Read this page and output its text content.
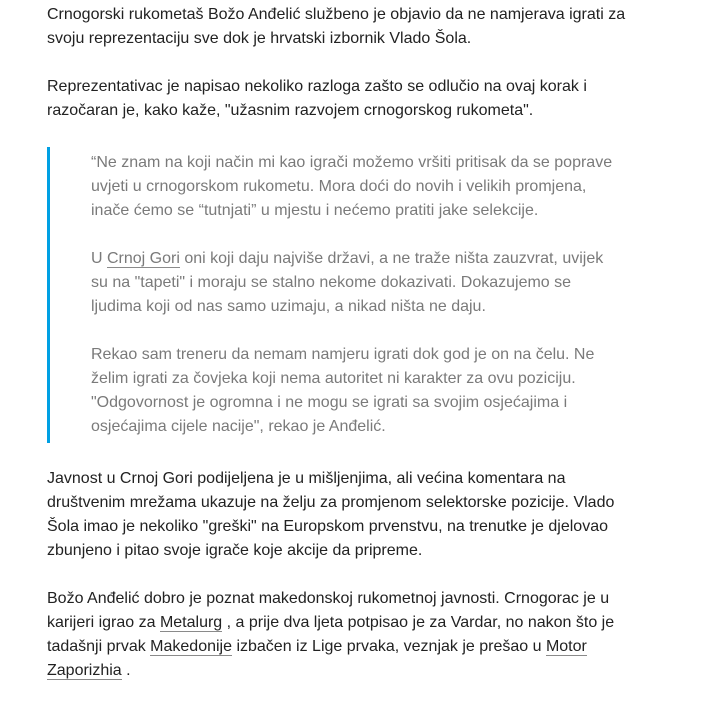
Crnogorski rukometaš Božo Anđelić službeno je objavio da ne namjerava igrati za svoju reprezentaciju sve dok je hrvatski izbornik Vlado Šola.

Reprezentativac je napisao nekoliko razloga zašto se odlučio na ovaj korak i razočaran je, kako kaže, "užasnim razvojem crnogorskog rukometa".

“Ne znam na koji način mi kao igrači možemo vršiti pritisak da se poprave uvjeti u crnogorskom rukometu. Mora doći do novih i velikih promjena, inače ćemo se “tutnjati” u mjestu i nećemo pratiti jake selekcije.

U Crnoj Gori oni koji daju najviše državi, a ne traže ništa zauzvrat, uvijek su na "tapeti" i moraju se stalno nekome dokazivati. Dokazujemo se ljudima koji od nas samo uzimaju, a nikad ništa ne daju.

Rekao sam treneru da nemam namjeru igrati dok god je on na čelu. Ne želim igrati za čovjeka koji nema autoritet ni karakter za ovu poziciju. "Odgovornost je ogromna i ne mogu se igrati sa svojim osjećajima i osjećajima cijele nacije", rekao je Anđelić.

Javnost u Crnoj Gori podijeljena je u mišljenjima, ali većina komentara na društvenim mrežama ukazuje na želju za promjenom selektorske pozicije. Vlado Šola imao je nekoliko "greški" na Europskom prvenstvu, na trenutke je djelovao zbunjeno i pitao svoje igrače koje akcije da pripreme.

Božo Anđelić dobro je poznat makedonskoj rukometnoj javnosti. Crnogorac je u karijeri igrao za Metalurg , a prije dva ljeta potpisao je za Vardar, no nakon što je tadašnji prvak Makedonije izbačen iz Lige prvaka, veznjak je prešao u Motor Zaporizhia .
